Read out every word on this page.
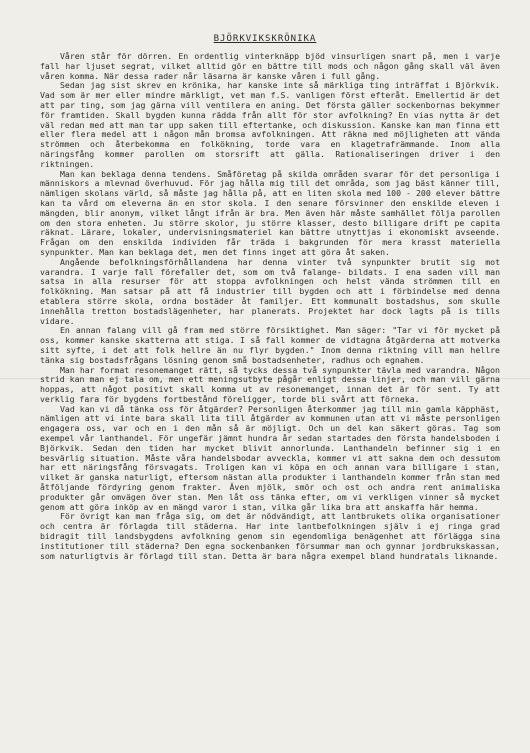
BJÖRKVIKSKRÖNIKA

Våren står för dörren. En ordentlig vinterknäpp bjöd vinsurligen snart på, men i varje fall har ljuset segrat, vilket alltid gör en bättre till mods och någon gång skall väl även våren komma. När dessa rader når läsarna är kanske våren i full gång.

Sedan jag sist skrev en krönika, har kanske inte så märkliga ting inträffat i Björkvik. Vad som är mer eller mindre märkligt, vet man f.S. vanligen först efteråt. Emellertid är det att par ting, som jag gärna vill ventilera en aning. Det första gäller sockenbornas bekymmer för framtiden. Skall bygden kunna rädda från allt för stor avfolkning? En vias nytta är det väl redan med att man tar upp saken till eftertanke, och diskussion. Kanske kan man finna ett eller flera medel att i någon mån bromsa avfolkningen. Att räkna med möjligheten att vända strömmen och återbekomma en folkökning, torde vara en klagetrafrämmande. Inom alla näringsfång kommer parollen om storsrift att gälla. Rationaliseringen driver i den riktningen.

Man kan beklaga denna tendens. Småföretag på skilda områden svarar för det personliga i människors a mlevnad överhuvud. För jag hålla mig till det områda, som jag bäst känner till, nämligen skolans värld, så måste jag hålla på, att en liten skola med 100 - 200 elever bättre kan ta vård om eleverna än en stor skola. I den senare försvinner den enskilde eleven i mängden, blir anonym, vilket långt ifrån är bra. Men även här måste samhället följa parollen om den stora enheten. Ju större skolor, ju större klasser, desto billigare drift pe capita räknat. Lärare, lokaler, undervisningsmateriel kan bättre utnyttjas i ekonomiskt avseende. Frågan om den enskilda individen får träda i bakgrunden för mera krasst materiella synpunkter. Man kan beklaga det, men det finns inget att göra åt saken.

Angående befolkningsförhållandena har denna vinter två synpunkter brutit sig mot varandra. I varje fall förefaller det, som om två falange- bildats. I ena saden vill man satsa in alla resurser för att stoppa avfolkningen och helst vända strömmen till en folkökning. Man satsar på att få industrier till bygden och att i förbindelse med denna etablera större skola, ordna bostäder åt familjer. Ett kommunalt bostadshus, som skulle innehålla tretton bostadslägenheter, har planerats. Projektet har dock lagts på is tills vidare.

En annan falang vill gå fram med större försiktighet. Man säger: "Tar vi för mycket på oss, kommer kanske skatterna att stiga. I så fall kommer de vidtagna åtgärderna att motverka sitt syfte, i det att folk hellre än nu flyr bygden." Inom denna riktning vill man hellre tänka sig bostadsfrågans lösning genom små bostadsenheter, radhus och egnahem.

Man har format resonemanget rätt, så tycks dessa två synpunkter tävla med varandra. Någon strid kan man ej tala om, men ett meningsutbyte pågår enligt dessa linjer, och man vill gärna hoppas, att något positivt skall komma ut av resonemanget, innan det är för sent. Ty att verklig fara för bygdens fortbestånd föreligger, torde bli svårt att förneka.

Vad kan vi då tänka oss för åtgärder? Personligen återkommer jag till min gamla käpphäst, nämligen att vi inte bara skall lita till åtgärder av kommunen utan att vi måste personligen engagera oss, var och en i den mån så är möjligt. Och un del kan säkert göras. Tag som exempel vår lanthandel. För ungefär jämnt hundra år sedan startades den första handelsboden i Björkvik. Sedan den tiden har mycket blivit annorlunda. Lanthandeln befinner sig i en besvärlig situation. Måste våra handelsbodar avveckla, kommer vi att sakna dem och dessutom har ett näringsfång försvagats. Troligen kan vi köpa en och annan vara billigare i stan, vilket är ganska naturligt, eftersom nästan alla produkter i lanthandeln kommer från stan med åtföljande fördyring genom frakter. Även mjölk, smör och ost och andra rent animaliska produkter går omvägen över stan. Men låt oss tänka efter, om vi verkligen vinner så mycket genom att göra inköp av en mängd varor i stan, vilka går lika bra att anskaffa här hemma.

För övrigt kan man fråga sig, om det är nödvändigt, att lantbrukets olika organisationer och centra är förlagda till städerna. Har inte lantbefolkningen själv i ej ringa grad bidragit till landsbygdens avfolkning genom sin egendomliga benägenhet att förlägga sina institutioner till städerna? Den egna sockenbanken försummar man och gynnar jordbrukskassan, som naturligtvis är förlagd till stan. Detta är bara några exempel bland hundratals liknande.
